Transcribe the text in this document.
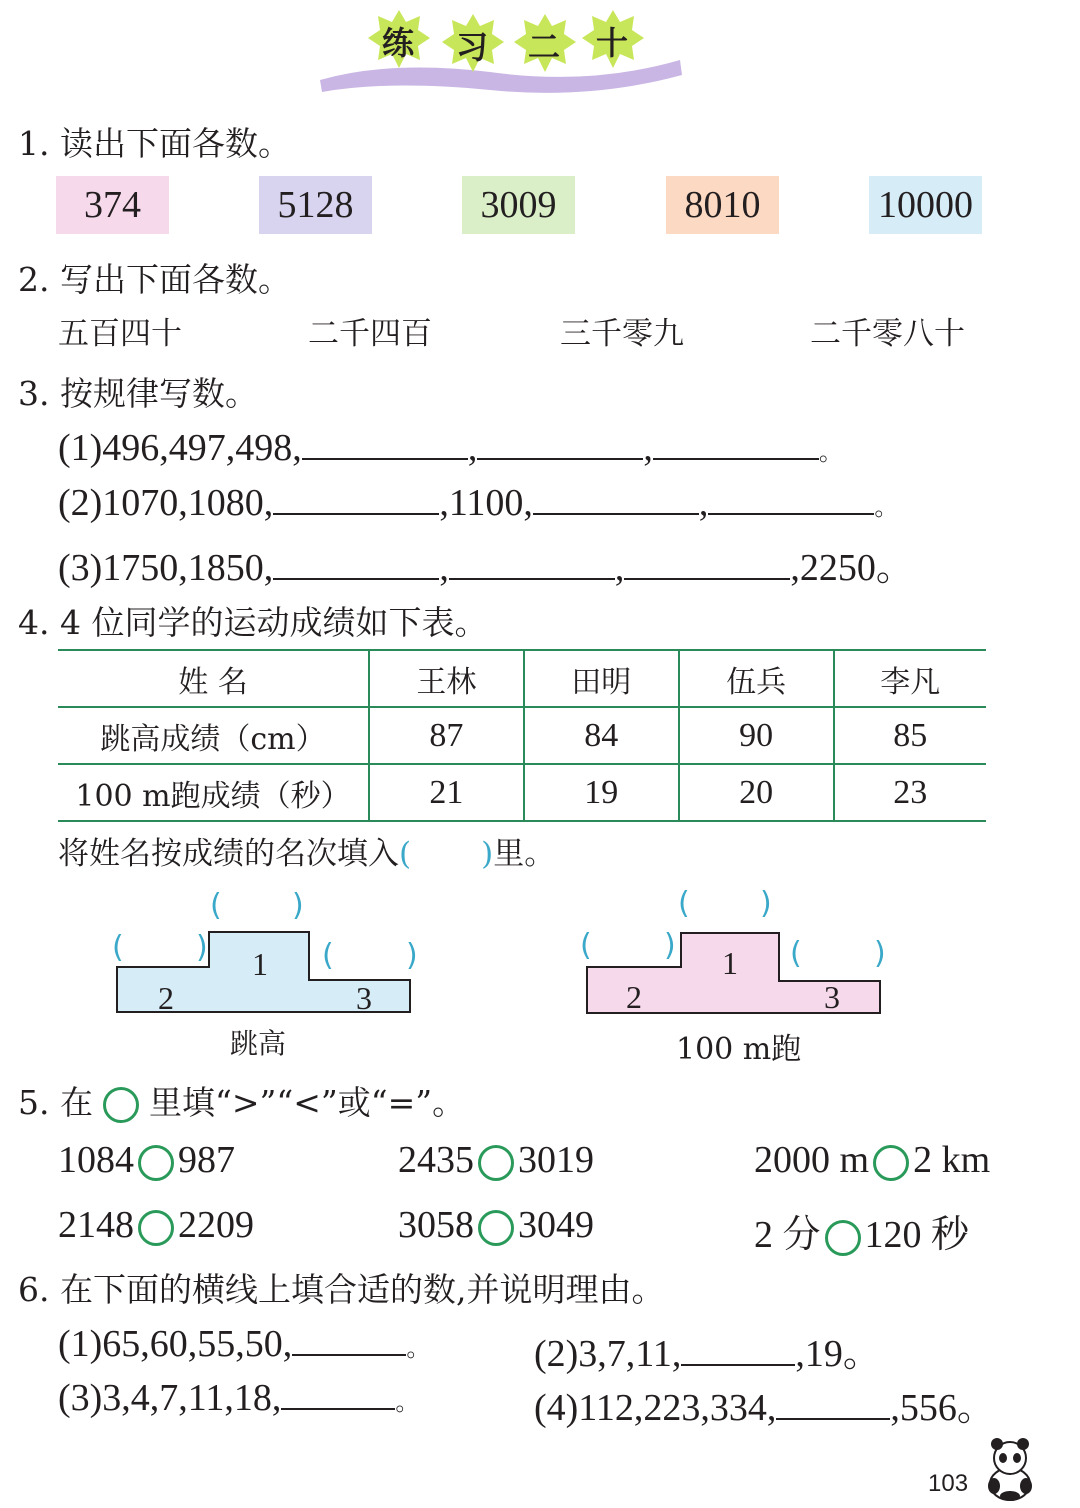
练 习 二 十
1. 读出下面各数。
374	5128	3009	8010	10000
2. 写出下面各数。
五百四十	二千四百	三千零九	二千零八十
3. 按规律写数。
(1)496,497,498,	,	,	。
(2)1070,1080,	,1100,	,	。
(3)1750,1850,	,	,	,2250。
4. 4 位同学的运动成绩如下表。
姓 名	王林	田明	伍兵	李凡
跳高成绩（cm）	87	84	90	85
100 m跑成绩（秒）	21	19	20	23
将姓名按成绩的名次填入( )里。
1
2	3
( )
( )	( )
跳高
1
2	3
( )
( )	( )
100 m跑
5. 在 里填“>”“<”或“=”。
1084 987	2435 3019	2000 m 2 km
2148 2209	3058 3049	2 分 120 秒
6. 在下面的横线上填合适的数,并说明理由。
(1)65,60,55,50,	。	(2)3,7,11,	,19。
(3)3,4,7,11,18,	。	(4)112,223,334,	,556。
103
